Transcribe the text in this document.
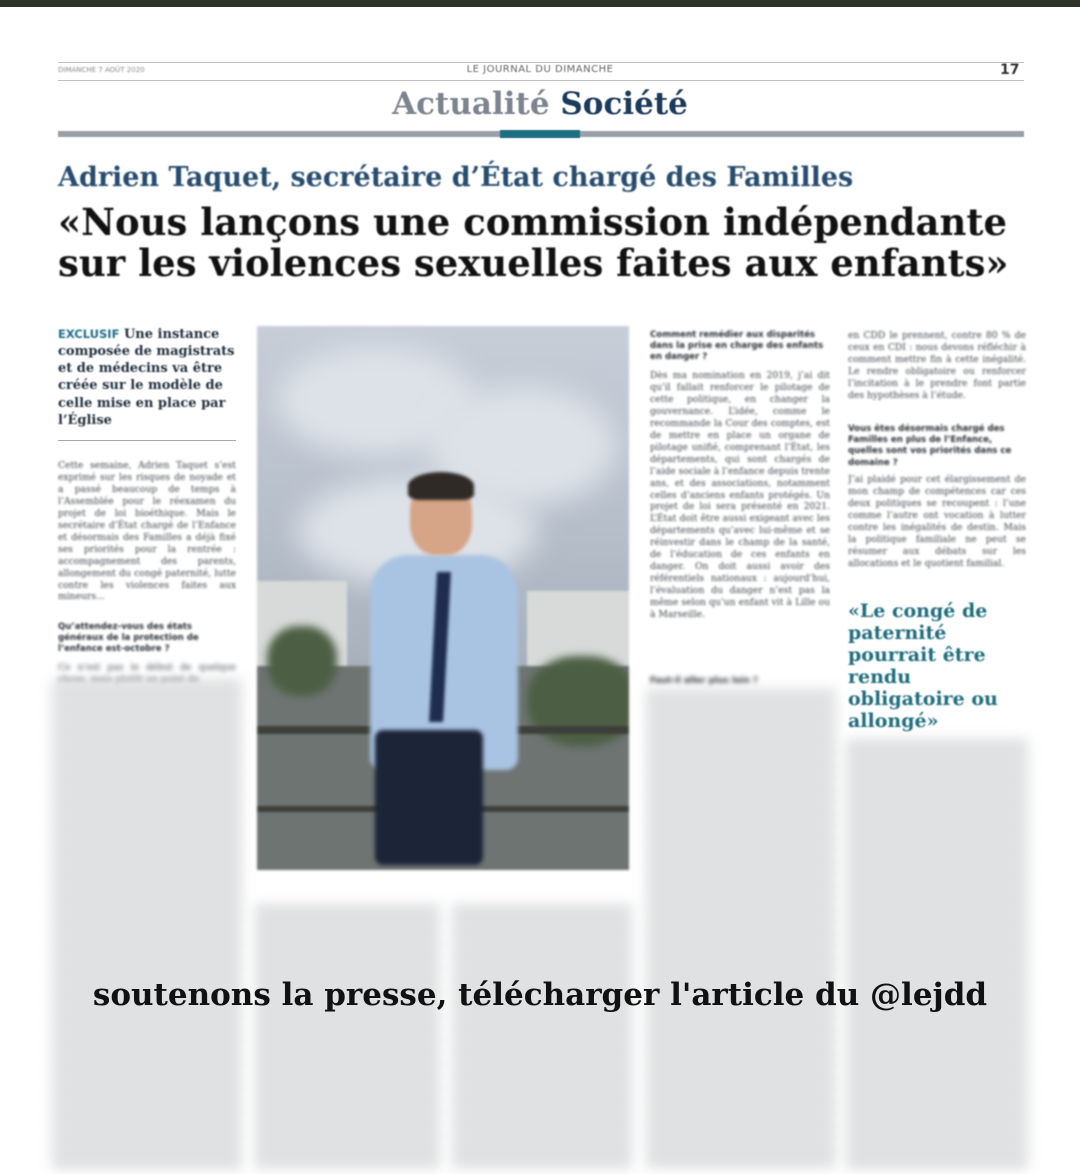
DIMANCHE 7 AOÛT 2020	LE JOURNAL DU DIMANCHE	17
Actualité Société
Adrien Taquet, secrétaire d’État chargé des Familles
«Nous lançons une commission indépendante sur les violences sexuelles faites aux enfants»
EXCLUSIF Une instance composée de magistrats et de médecins va être créée sur le modèle de celle mise en place par l’Église
Cette semaine, Adrien Taquet s’est exprimé sur les risques de noyade et a passé beaucoup de temps à l’Assemblée pour le réexamen du projet de loi bioéthique. Mais le secrétaire d’État chargé de l’Enfance et désormais des Familles a déjà fixé ses priorités pour la rentrée : accompagnement des parents, allongement du congé paternité, lutte contre les violences faites aux mineurs...
Qu’attendez-vous des états généraux de la protection de l’enfance est-octobre ?
Ce n’est pas le début de quelque
Comment remédier aux disparités dans la prise en charge des enfants en danger ?
Dès ma nomination en 2019, j’ai dit qu’il fallait renforcer le pilotage de cette politique, en changer la gouvernance. L’idée, comme le recommande la Cour des comptes, est de mettre en place un organe de pilotage unifié, comprenant l’État, les départements, qui sont chargés de l’aide sociale à l’enfance depuis trente ans, et des associations, notamment celles d’anciens enfants protégés. Un projet de loi sera présenté en 2021. L’État doit être aussi exigeant avec les départements qu’avec lui-même et se réinvestir dans le champ de la santé, de l’éducation de ces enfants en danger. On doit aussi avoir des référentiels nationaux : aujourd’hui, l’évaluation du danger n’est pas la même selon qu’un enfant vit à Lille ou à Marseille.
Faut-il aller plus loin ?
en CDD le prennent, contre 80 % de ceux en CDI : nous devons réfléchir à comment mettre fin à cette inégalité. Le rendre obligatoire ou renforcer l’incitation à le prendre font partie des hypothèses à l’étude.
Vous êtes désormais chargé des Familles en plus de l’Enfance, quelles sont vos priorités dans ce domaine ?
J’ai plaidé pour cet élargissement de mon champ de compétences car ces deux politiques se recoupent : l’une comme l’autre ont vocation à lutter contre les inégalités de destin. Mais la politique familiale ne peut se résumer aux débats sur les allocations et le quotient familial.
«Le congé de paternité pourrait être rendu obligatoire ou allongé»
soutenons la presse, télécharger l'article du @lejdd
